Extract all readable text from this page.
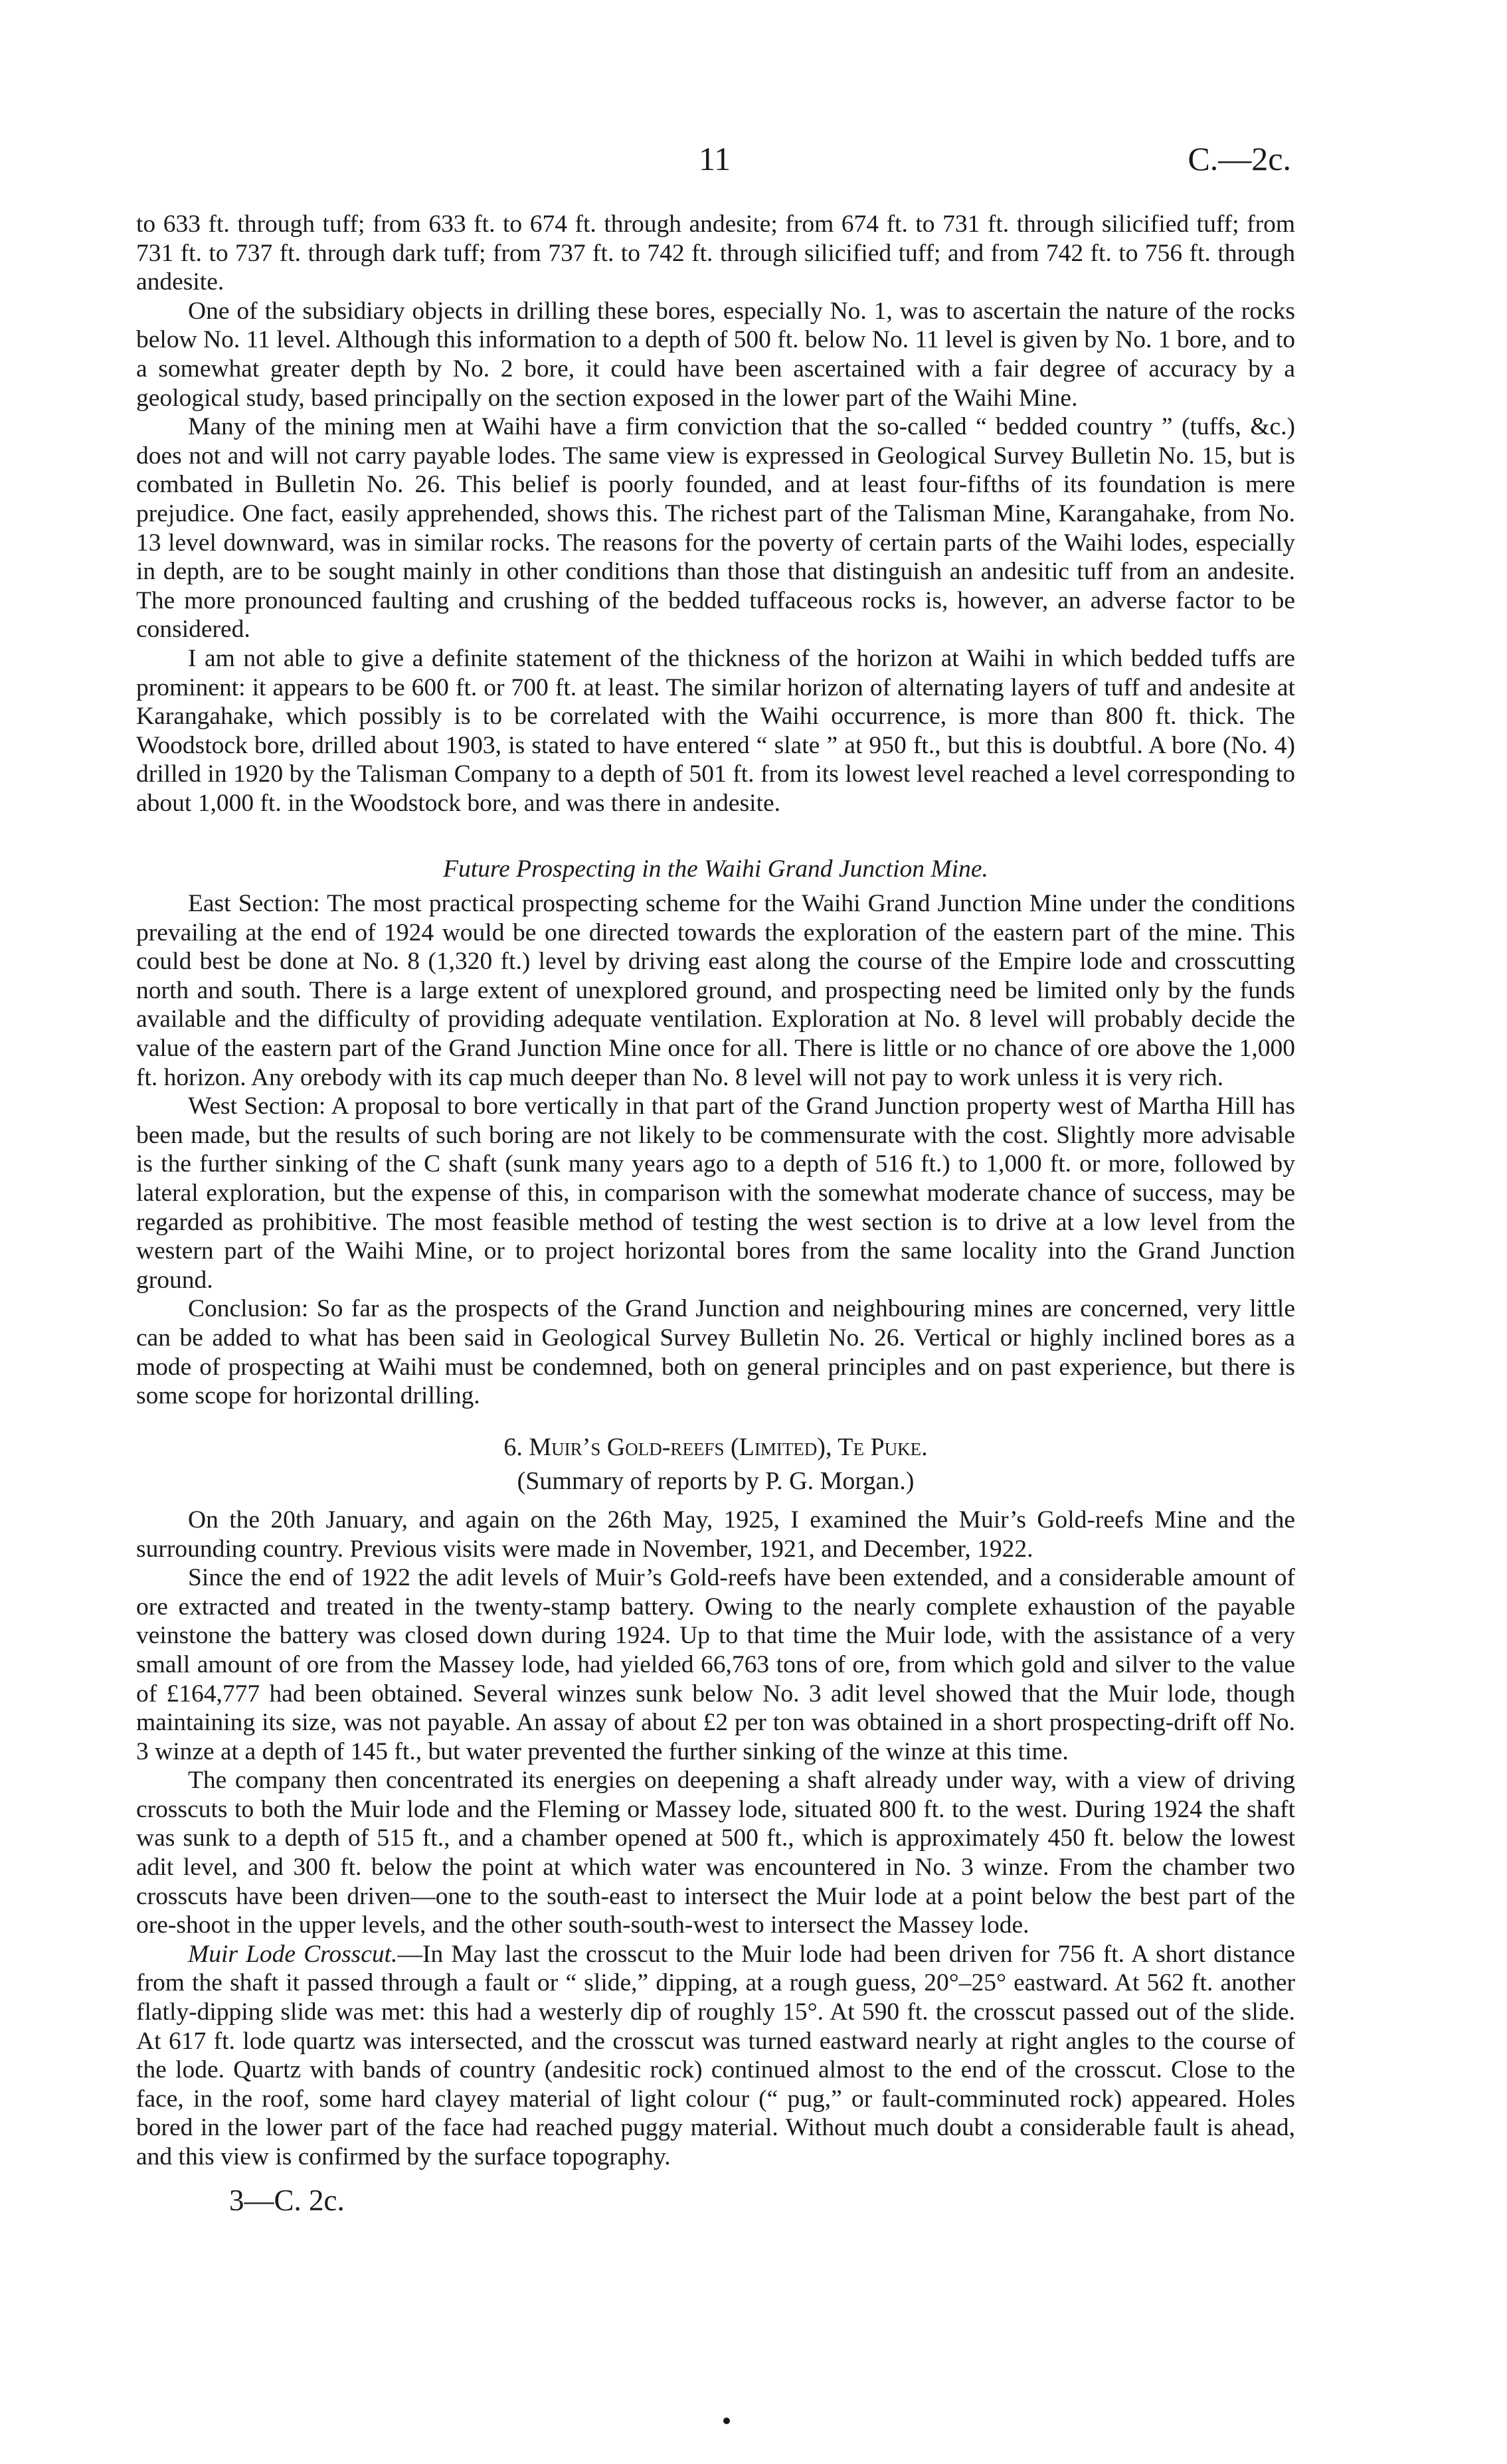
11	C.—2c.

to 633 ft. through tuff; from 633 ft. to 674 ft. through andesite; from 674 ft. to 731 ft. through silicified tuff; from 731 ft. to 737 ft. through dark tuff; from 737 ft. to 742 ft. through silicified tuff; and from 742 ft. to 756 ft. through andesite.

One of the subsidiary objects in drilling these bores, especially No. 1, was to ascertain the nature of the rocks below No. 11 level. Although this information to a depth of 500 ft. below No. 11 level is given by No. 1 bore, and to a somewhat greater depth by No. 2 bore, it could have been ascertained with a fair degree of accuracy by a geological study, based principally on the section exposed in the lower part of the Waihi Mine.

Many of the mining men at Waihi have a firm conviction that the so-called “ bedded country ” (tuffs, &c.) does not and will not carry payable lodes. The same view is expressed in Geological Survey Bulletin No. 15, but is combated in Bulletin No. 26. This belief is poorly founded, and at least four-fifths of its foundation is mere prejudice. One fact, easily apprehended, shows this. The richest part of the Talisman Mine, Karangahake, from No. 13 level downward, was in similar rocks. The reasons for the poverty of certain parts of the Waihi lodes, especially in depth, are to be sought mainly in other conditions than those that distinguish an andesitic tuff from an andesite. The more pronounced faulting and crushing of the bedded tuffaceous rocks is, however, an adverse factor to be considered.

I am not able to give a definite statement of the thickness of the horizon at Waihi in which bedded tuffs are prominent: it appears to be 600 ft. or 700 ft. at least. The similar horizon of alternating layers of tuff and andesite at Karangahake, which possibly is to be correlated with the Waihi occurrence, is more than 800 ft. thick. The Woodstock bore, drilled about 1903, is stated to have entered “ slate ” at 950 ft., but this is doubtful. A bore (No. 4) drilled in 1920 by the Talisman Company to a depth of 501 ft. from its lowest level reached a level corresponding to about 1,000 ft. in the Woodstock bore, and was there in andesite.

Future Prospecting in the Waihi Grand Junction Mine.

East Section: The most practical prospecting scheme for the Waihi Grand Junction Mine under the conditions prevailing at the end of 1924 would be one directed towards the exploration of the eastern part of the mine. This could best be done at No. 8 (1,320 ft.) level by driving east along the course of the Empire lode and crosscutting north and south. There is a large extent of unexplored ground, and prospecting need be limited only by the funds available and the difficulty of providing adequate ventilation. Exploration at No. 8 level will probably decide the value of the eastern part of the Grand Junction Mine once for all. There is little or no chance of ore above the 1,000 ft. horizon. Any orebody with its cap much deeper than No. 8 level will not pay to work unless it is very rich.

West Section: A proposal to bore vertically in that part of the Grand Junction property west of Martha Hill has been made, but the results of such boring are not likely to be commensurate with the cost. Slightly more advisable is the further sinking of the C shaft (sunk many years ago to a depth of 516 ft.) to 1,000 ft. or more, followed by lateral exploration, but the expense of this, in comparison with the somewhat moderate chance of success, may be regarded as prohibitive. The most feasible method of testing the west section is to drive at a low level from the western part of the Waihi Mine, or to project horizontal bores from the same locality into the Grand Junction ground.

Conclusion: So far as the prospects of the Grand Junction and neighbouring mines are concerned, very little can be added to what has been said in Geological Survey Bulletin No. 26. Vertical or highly inclined bores as a mode of prospecting at Waihi must be condemned, both on general principles and on past experience, but there is some scope for horizontal drilling.

6. Muir’s Gold-reefs (Limited), Te Puke.

(Summary of reports by P. G. Morgan.)

On the 20th January, and again on the 26th May, 1925, I examined the Muir’s Gold-reefs Mine and the surrounding country. Previous visits were made in November, 1921, and December, 1922.

Since the end of 1922 the adit levels of Muir’s Gold-reefs have been extended, and a considerable amount of ore extracted and treated in the twenty-stamp battery. Owing to the nearly complete exhaustion of the payable veinstone the battery was closed down during 1924. Up to that time the Muir lode, with the assistance of a very small amount of ore from the Massey lode, had yielded 66,763 tons of ore, from which gold and silver to the value of £164,777 had been obtained. Several winzes sunk below No. 3 adit level showed that the Muir lode, though maintaining its size, was not payable. An assay of about £2 per ton was obtained in a short prospecting-drift off No. 3 winze at a depth of 145 ft., but water prevented the further sinking of the winze at this time.

The company then concentrated its energies on deepening a shaft already under way, with a view of driving crosscuts to both the Muir lode and the Fleming or Massey lode, situated 800 ft. to the west. During 1924 the shaft was sunk to a depth of 515 ft., and a chamber opened at 500 ft., which is approximately 450 ft. below the lowest adit level, and 300 ft. below the point at which water was encountered in No. 3 winze. From the chamber two crosscuts have been driven—one to the south-east to intersect the Muir lode at a point below the best part of the ore-shoot in the upper levels, and the other south-south-west to intersect the Massey lode.

Muir Lode Crosscut.—In May last the crosscut to the Muir lode had been driven for 756 ft. A short distance from the shaft it passed through a fault or “ slide,” dipping, at a rough guess, 20°–25° eastward. At 562 ft. another flatly-dipping slide was met: this had a westerly dip of roughly 15°. At 590 ft. the crosscut passed out of the slide. At 617 ft. lode quartz was intersected, and the crosscut was turned eastward nearly at right angles to the course of the lode. Quartz with bands of country (andesitic rock) continued almost to the end of the crosscut. Close to the face, in the roof, some hard clayey material of light colour (“ pug,” or fault-comminuted rock) appeared. Holes bored in the lower part of the face had reached puggy material. Without much doubt a considerable fault is ahead, and this view is confirmed by the surface topography.

3—C. 2c.
